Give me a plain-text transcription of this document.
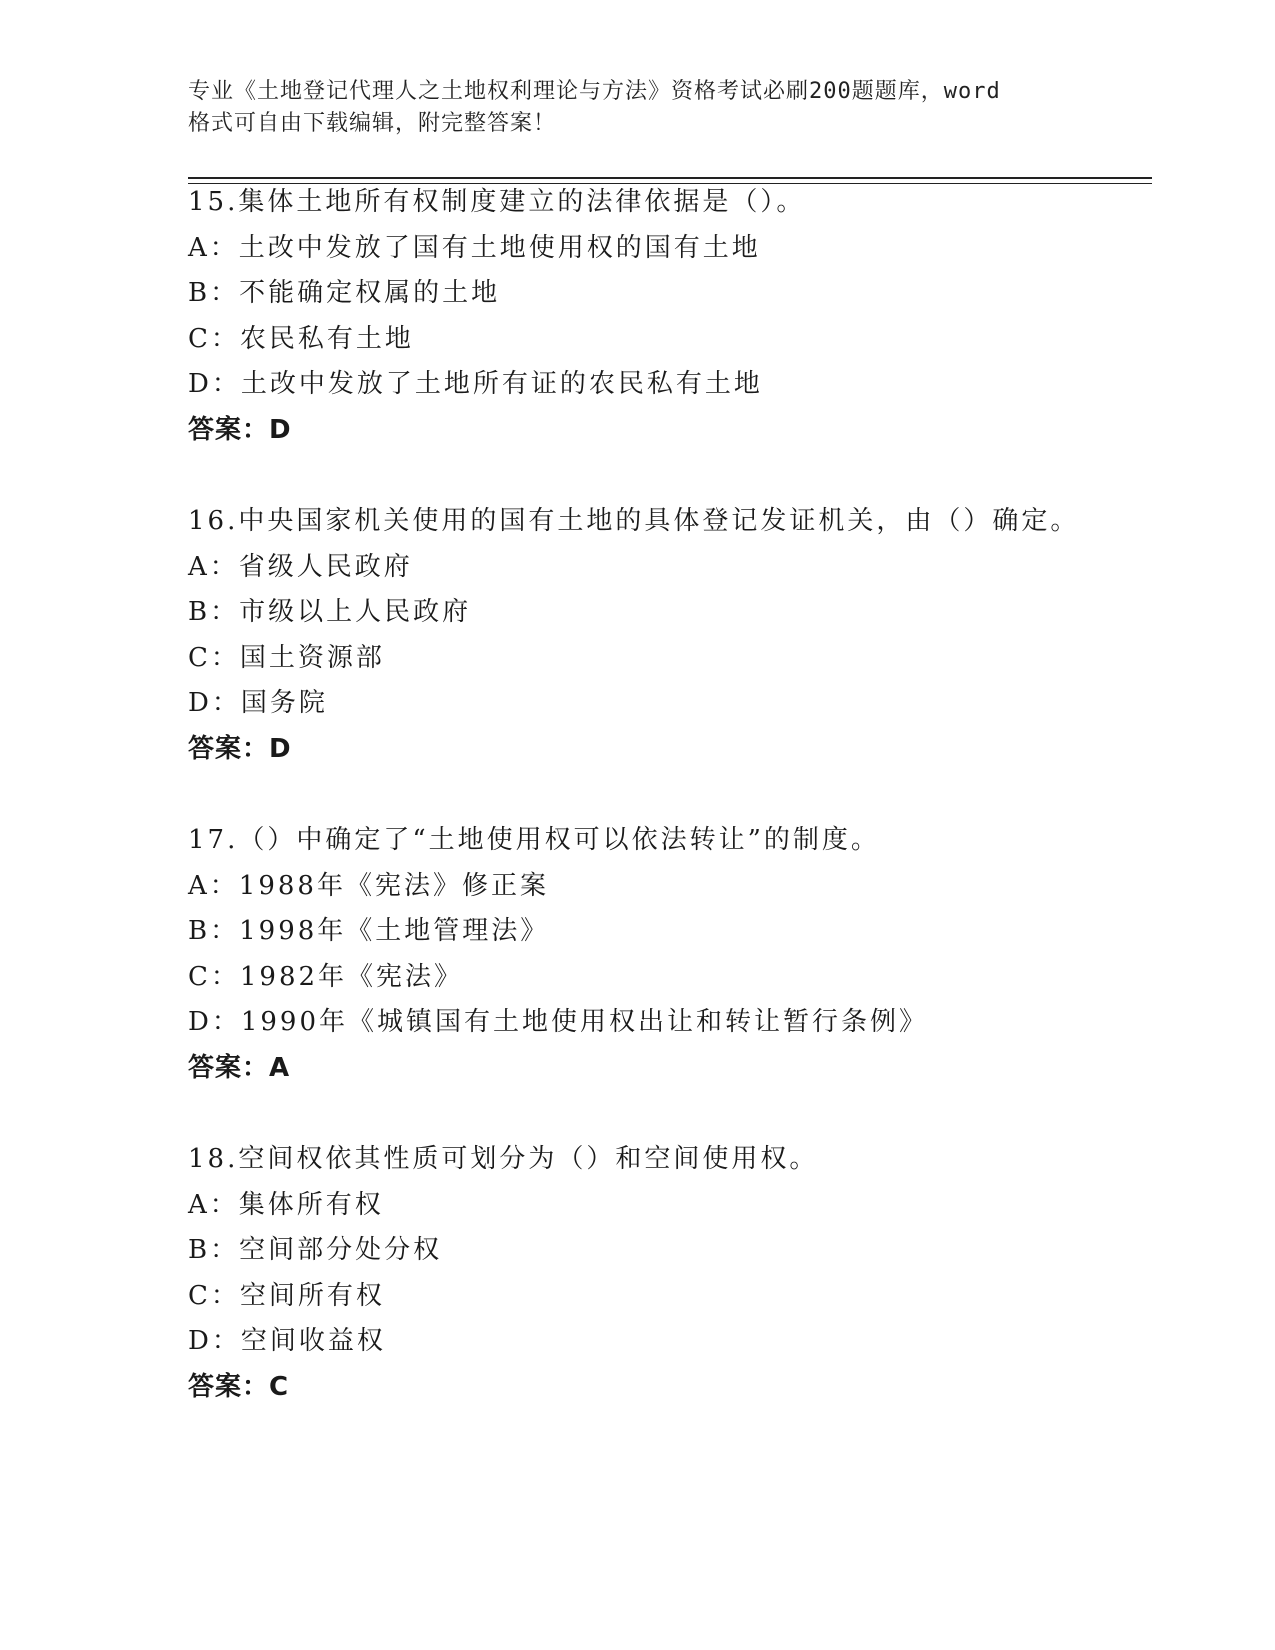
专业《土地登记代理人之土地权利理论与方法》资格考试必刷200题题库，word
格式可自由下载编辑，附完整答案！
15.集体土地所有权制度建立的法律依据是（）。
A：土改中发放了国有土地使用权的国有土地
B：不能确定权属的土地
C：农民私有土地
D：土改中发放了土地所有证的农民私有土地
答案：D
16.中央国家机关使用的国有土地的具体登记发证机关，由（）确定。
A：省级人民政府
B：市级以上人民政府
C：国土资源部
D：国务院
答案：D
17.（）中确定了“土地使用权可以依法转让”的制度。
A：1988年《宪法》修正案
B：1998年《土地管理法》
C：1982年《宪法》
D：1990年《城镇国有土地使用权出让和转让暂行条例》
答案：A
18.空间权依其性质可划分为（）和空间使用权。
A：集体所有权
B：空间部分处分权
C：空间所有权
D：空间收益权
答案：C
